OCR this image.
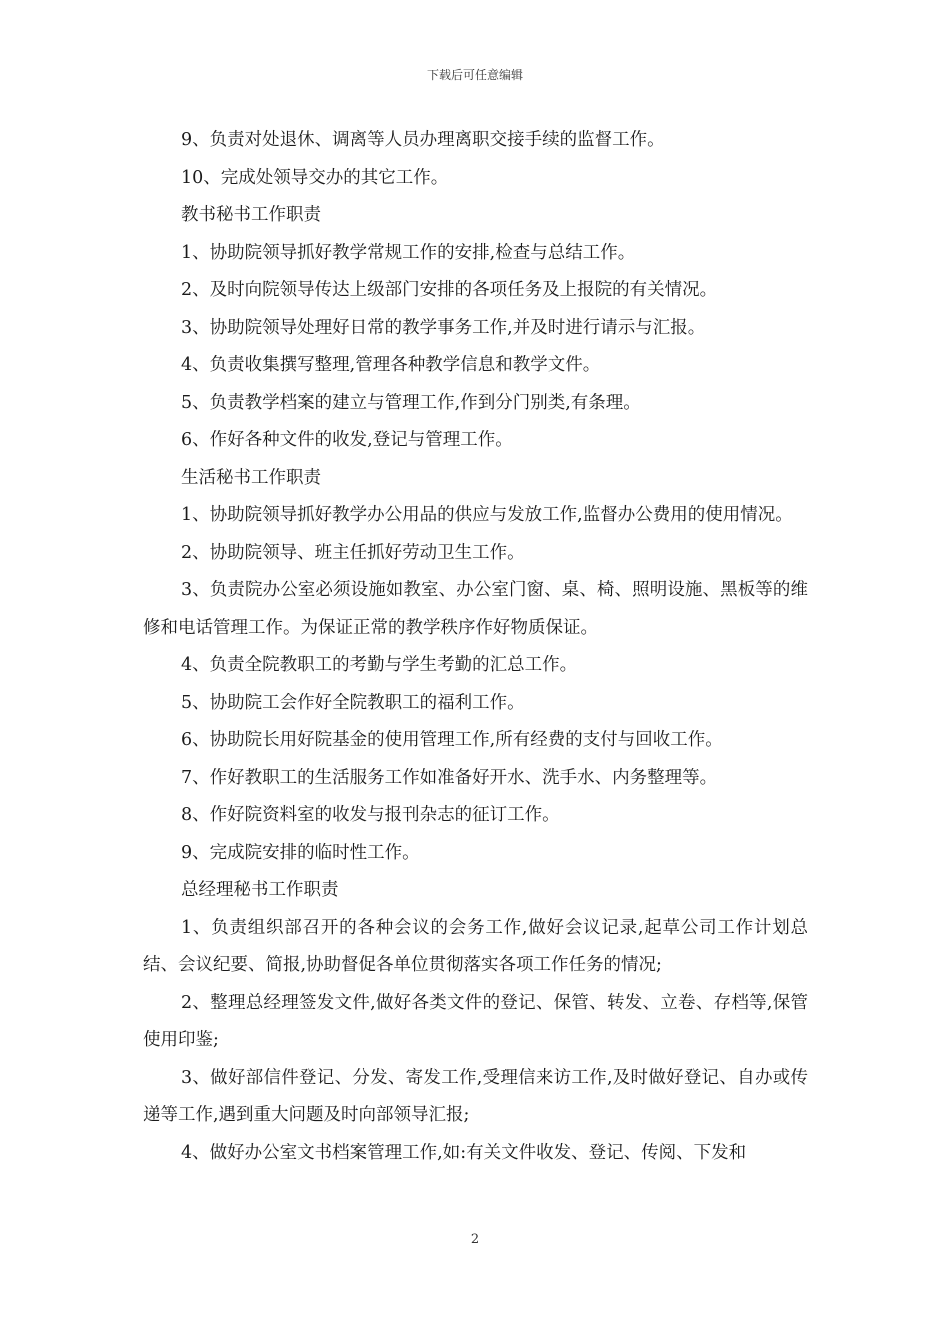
下载后可任意编辑

9、负责对处退休、调离等人员办理离职交接手续的监督工作。

10、完成处领导交办的其它工作。

教书秘书工作职责

1、协助院领导抓好教学常规工作的安排,检查与总结工作。

2、及时向院领导传达上级部门安排的各项任务及上报院的有关情况。

3、协助院领导处理好日常的教学事务工作,并及时进行请示与汇报。

4、负责收集撰写整理,管理各种教学信息和教学文件。

5、负责教学档案的建立与管理工作,作到分门别类,有条理。

6、作好各种文件的收发,登记与管理工作。

生活秘书工作职责

1、协助院领导抓好教学办公用品的供应与发放工作,监督办公费用的使用情况。

2、协助院领导、班主任抓好劳动卫生工作。

3、负责院办公室必须设施如教室、办公室门窗、桌、椅、照明设施、黑板等的维修和电话管理工作。为保证正常的教学秩序作好物质保证。

4、负责全院教职工的考勤与学生考勤的汇总工作。

5、协助院工会作好全院教职工的福利工作。

6、协助院长用好院基金的使用管理工作,所有经费的支付与回收工作。

7、作好教职工的生活服务工作如准备好开水、洗手水、内务整理等。

8、作好院资料室的收发与报刊杂志的征订工作。

9、完成院安排的临时性工作。

总经理秘书工作职责

1、负责组织部召开的各种会议的会务工作,做好会议记录,起草公司工作计划总结、会议纪要、简报,协助督促各单位贯彻落实各项工作任务的情况;

2、整理总经理签发文件,做好各类文件的登记、保管、转发、立卷、存档等,保管使用印鉴;

3、做好部信件登记、分发、寄发工作,受理信来访工作,及时做好登记、自办或传递等工作,遇到重大问题及时向部领导汇报;

4、做好办公室文书档案管理工作,如:有关文件收发、登记、传阅、下发和

2
